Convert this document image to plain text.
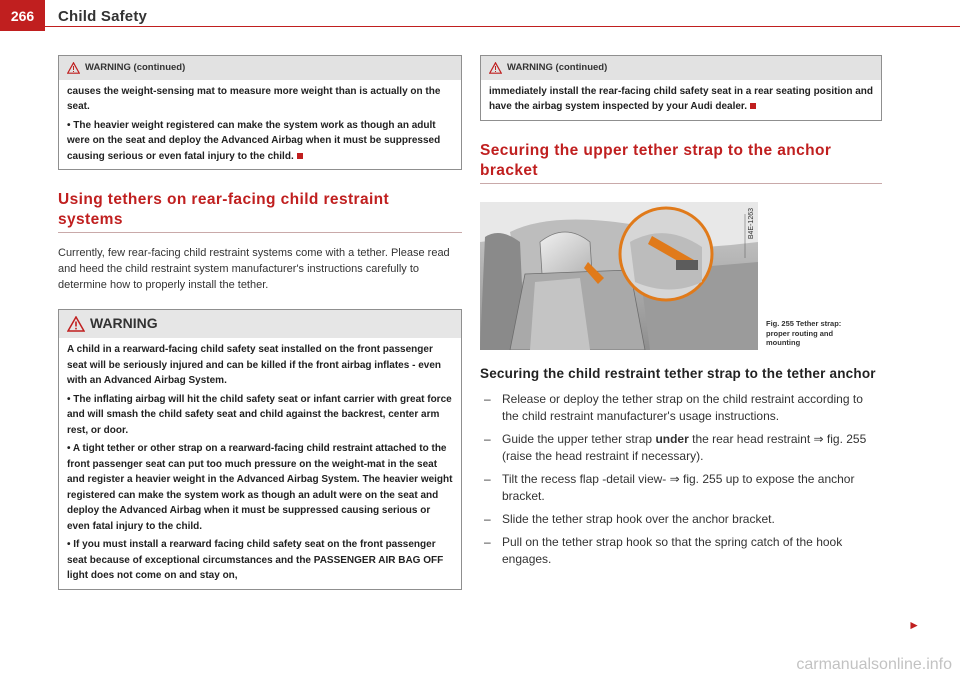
266	Child Safety
WARNING (continued)

causes the weight-sensing mat to measure more weight than is actually on the seat.

• The heavier weight registered can make the system work as though an adult were on the seat and deploy the Advanced Airbag when it must be suppressed causing serious or even fatal injury to the child.

Using tethers on rear-facing child restraint systems

Currently, few rear-facing child restraint systems come with a tether. Please read and heed the child restraint system manufacturer's instructions carefully to determine how to properly install the tether.

WARNING

A child in a rearward-facing child safety seat installed on the front passenger seat will be seriously injured and can be killed if the front airbag inflates - even with an Advanced Airbag System.

• The inflating airbag will hit the child safety seat or infant carrier with great force and will smash the child safety seat and child against the backrest, center arm rest, or door.

• A tight tether or other strap on a rearward-facing child restraint attached to the front passenger seat can put too much pressure on the weight-mat in the seat and register a heavier weight in the Advanced Airbag System. The heavier weight registered can make the system work as though an adult were on the seat and deploy the Advanced Airbag when it must be suppressed causing serious or even fatal injury to the child.

• If you must install a rearward facing child safety seat on the front passenger seat because of exceptional circumstances and the PASSENGER AIR BAG OFF light does not come on and stay on,

WARNING (continued)

immediately install the rear-facing child safety seat in a rear seating position and have the airbag system inspected by your Audi dealer.

Securing the upper tether strap to the anchor bracket
B4E-1263
Fig. 255 Tether strap: proper routing and mounting
Securing the child restraint tether strap to the tether anchor
– Release or deploy the tether strap on the child restraint according to the child restraint manufacturer's usage instructions.
– Guide the upper tether strap under the rear head restraint ⇒ fig. 255 (raise the head restraint if necessary).
– Tilt the recess flap -detail view- ⇒ fig. 255 up to expose the anchor bracket.
– Slide the tether strap hook over the anchor bracket.
– Pull on the tether strap hook so that the spring catch of the hook engages.
►
carmanualsonline.info
